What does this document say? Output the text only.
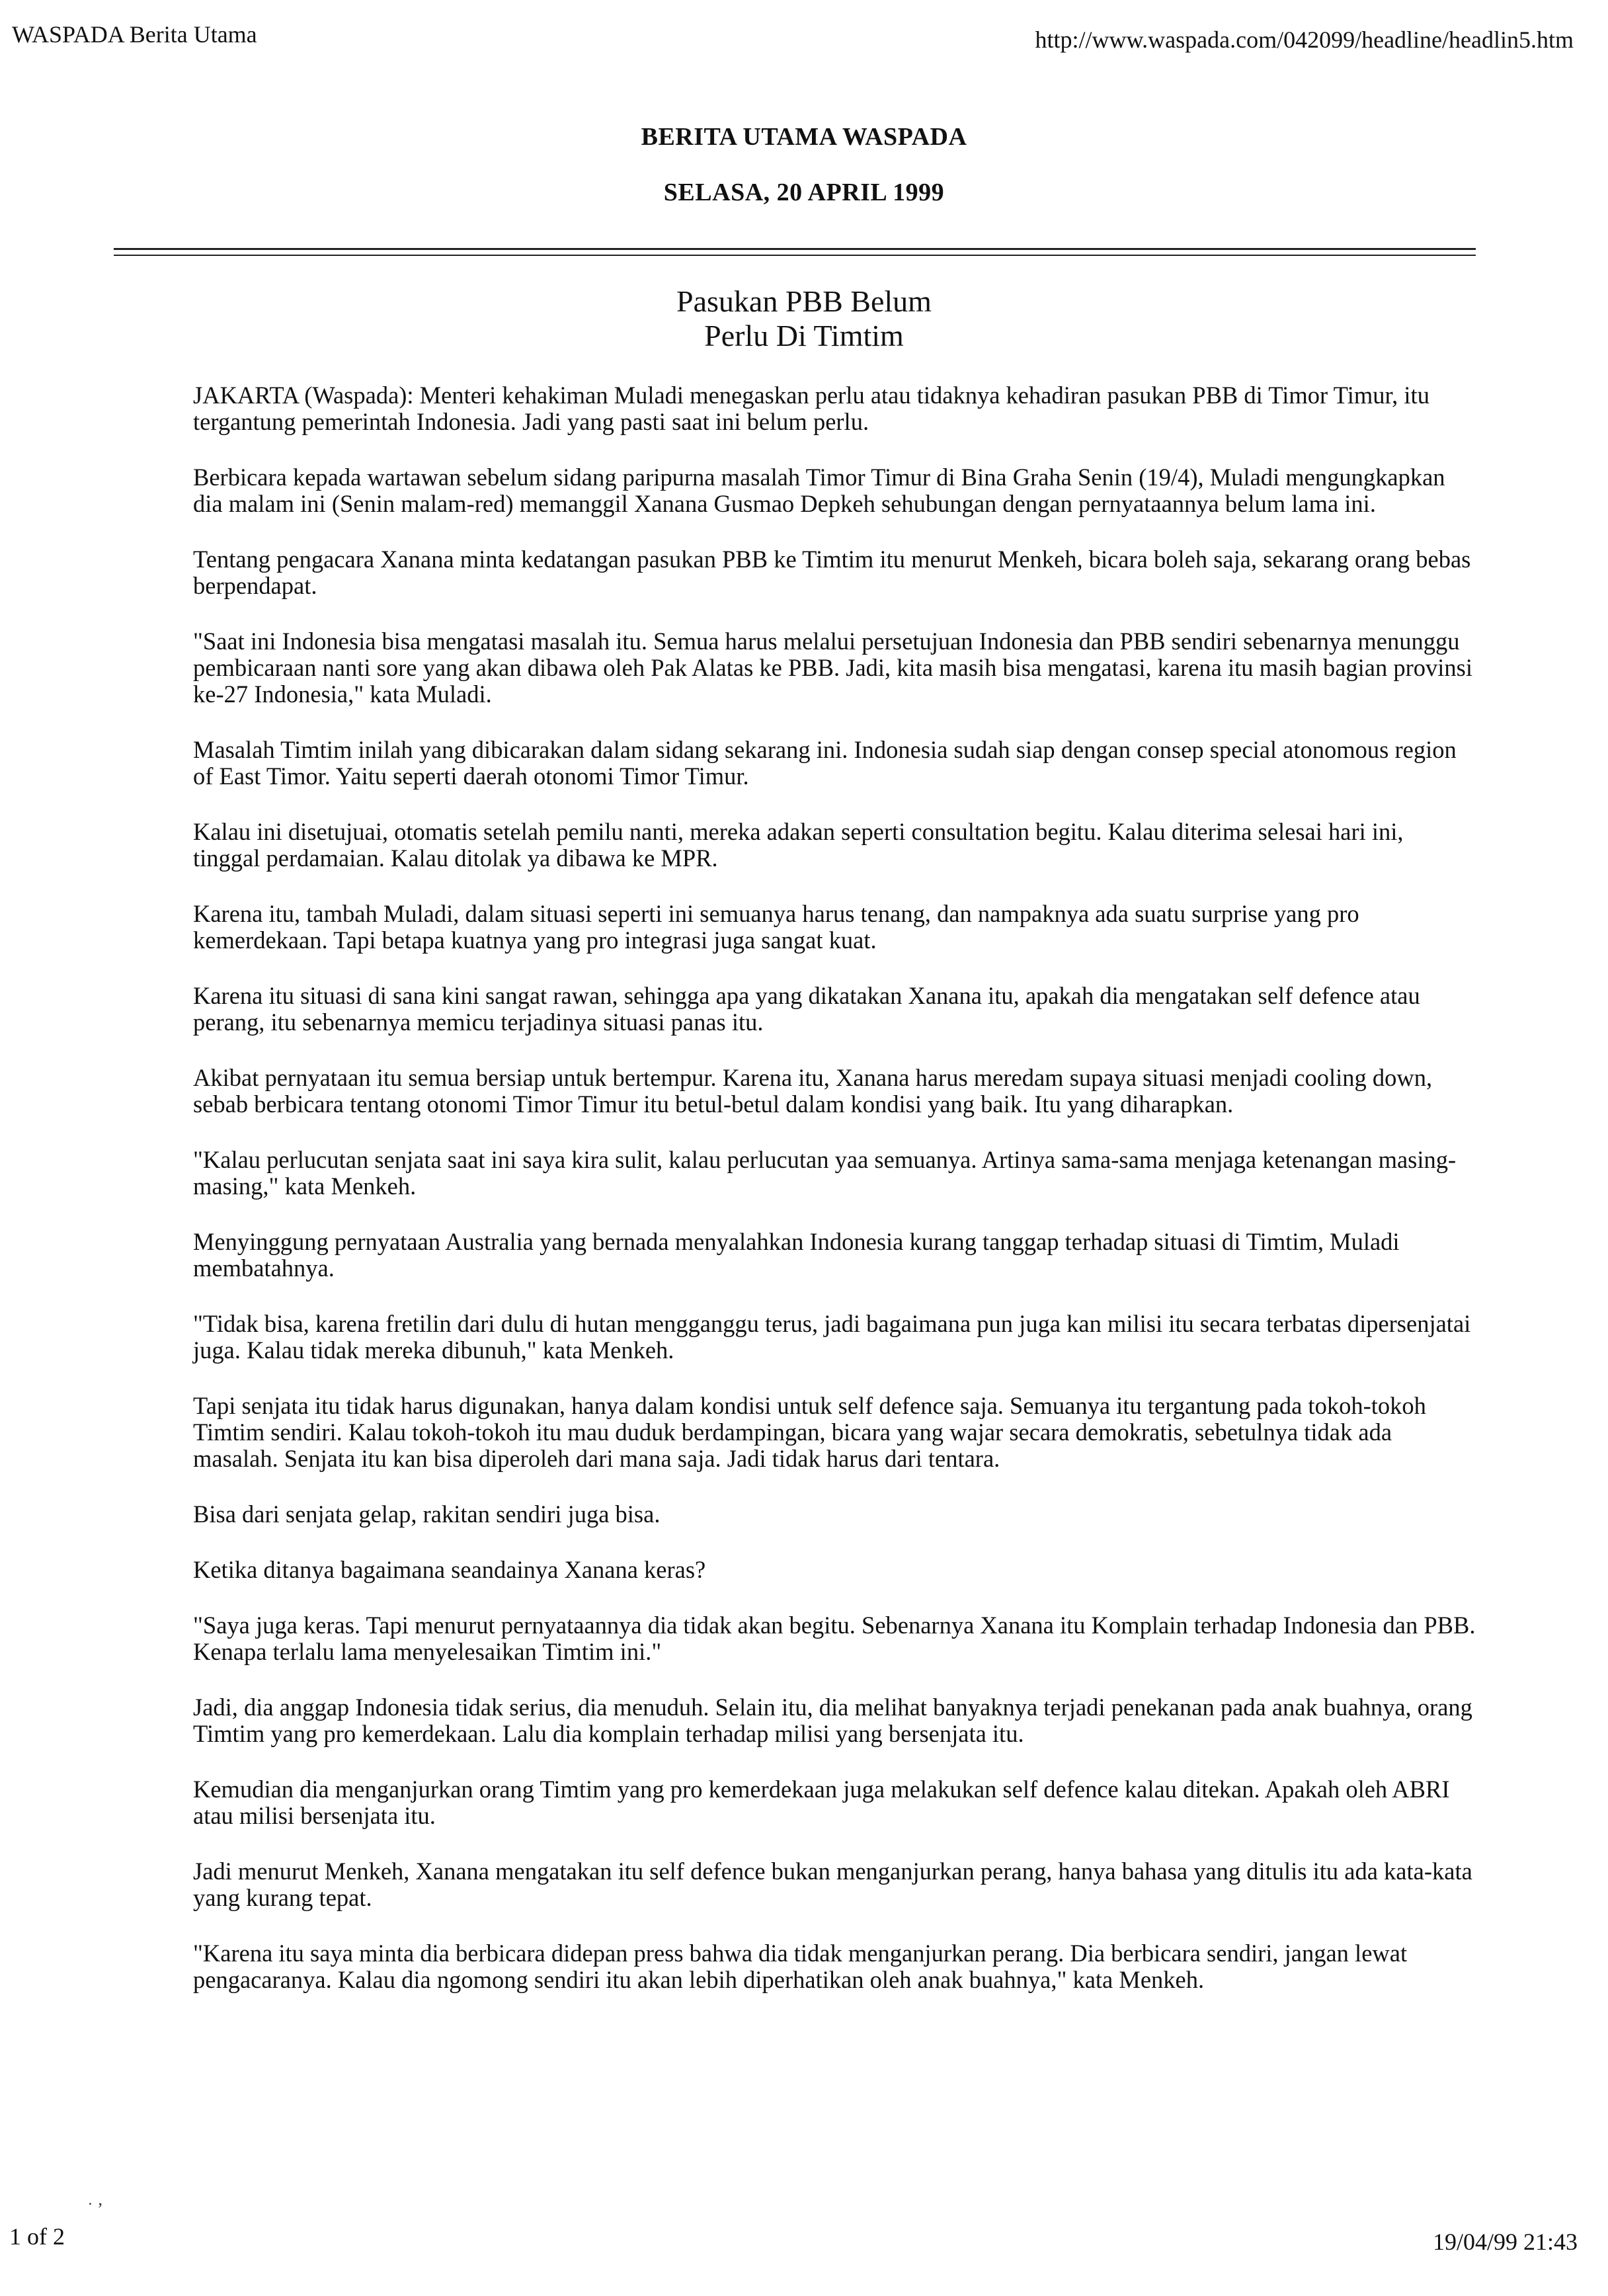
WASPADA Berita Utama	http://www.waspada.com/042099/headline/headlin5.htm
BERITA UTAMA WASPADA
SELASA, 20 APRIL 1999
Pasukan PBB Belum
Perlu Di Timtim

JAKARTA (Waspada): Menteri kehakiman Muladi menegaskan perlu atau tidaknya kehadiran pasukan PBB di Timor Timur, itu tergantung pemerintah Indonesia. Jadi yang pasti saat ini belum perlu.

Berbicara kepada wartawan sebelum sidang paripurna masalah Timor Timur di Bina Graha Senin (19/4), Muladi mengungkapkan dia malam ini (Senin malam-red) memanggil Xanana Gusmao Depkeh sehubungan dengan pernyataannya belum lama ini.

Tentang pengacara Xanana minta kedatangan pasukan PBB ke Timtim itu menurut Menkeh, bicara boleh saja, sekarang orang bebas berpendapat.

"Saat ini Indonesia bisa mengatasi masalah itu. Semua harus melalui persetujuan Indonesia dan PBB sendiri sebenarnya menunggu pembicaraan nanti sore yang akan dibawa oleh Pak Alatas ke PBB. Jadi, kita masih bisa mengatasi, karena itu masih bagian provinsi ke-27 Indonesia," kata Muladi.

Masalah Timtim inilah yang dibicarakan dalam sidang sekarang ini. Indonesia sudah siap dengan consep special atonomous region of East Timor. Yaitu seperti daerah otonomi Timor Timur.

Kalau ini disetujuai, otomatis setelah pemilu nanti, mereka adakan seperti consultation begitu. Kalau diterima selesai hari ini, tinggal perdamaian. Kalau ditolak ya dibawa ke MPR.

Karena itu, tambah Muladi, dalam situasi seperti ini semuanya harus tenang, dan nampaknya ada suatu surprise yang pro kemerdekaan. Tapi betapa kuatnya yang pro integrasi juga sangat kuat.

Karena itu situasi di sana kini sangat rawan, sehingga apa yang dikatakan Xanana itu, apakah dia mengatakan self defence atau perang, itu sebenarnya memicu terjadinya situasi panas itu.

Akibat pernyataan itu semua bersiap untuk bertempur. Karena itu, Xanana harus meredam supaya situasi menjadi cooling down, sebab berbicara tentang otonomi Timor Timur itu betul-betul dalam kondisi yang baik. Itu yang diharapkan.

"Kalau perlucutan senjata saat ini saya kira sulit, kalau perlucutan yaa semuanya. Artinya sama-sama menjaga ketenangan masing-masing," kata Menkeh.

Menyinggung pernyataan Australia yang bernada menyalahkan Indonesia kurang tanggap terhadap situasi di Timtim, Muladi membatahnya.

"Tidak bisa, karena fretilin dari dulu di hutan mengganggu terus, jadi bagaimana pun juga kan milisi itu secara terbatas dipersenjatai juga. Kalau tidak mereka dibunuh," kata Menkeh.

Tapi senjata itu tidak harus digunakan, hanya dalam kondisi untuk self defence saja. Semuanya itu tergantung pada tokoh-tokoh Timtim sendiri. Kalau tokoh-tokoh itu mau duduk berdampingan, bicara yang wajar secara demokratis, sebetulnya tidak ada masalah. Senjata itu kan bisa diperoleh dari mana saja. Jadi tidak harus dari tentara.

Bisa dari senjata gelap, rakitan sendiri juga bisa.

Ketika ditanya bagaimana seandainya Xanana keras?

"Saya juga keras. Tapi menurut pernyataannya dia tidak akan begitu. Sebenarnya Xanana itu Komplain terhadap Indonesia dan PBB. Kenapa terlalu lama menyelesaikan Timtim ini."

Jadi, dia anggap Indonesia tidak serius, dia menuduh. Selain itu, dia melihat banyaknya terjadi penekanan pada anak buahnya, orang Timtim yang pro kemerdekaan. Lalu dia komplain terhadap milisi yang bersenjata itu.

Kemudian dia menganjurkan orang Timtim yang pro kemerdekaan juga melakukan self defence kalau ditekan. Apakah oleh ABRI atau milisi bersenjata itu.

Jadi menurut Menkeh, Xanana mengatakan itu self defence bukan menganjurkan perang, hanya bahasa yang ditulis itu ada kata-kata yang kurang tepat.

"Karena itu saya minta dia berbicara didepan press bahwa dia tidak menganjurkan perang. Dia berbicara sendiri, jangan lewat pengacaranya. Kalau dia ngomong sendiri itu akan lebih diperhatikan oleh anak buahnya," kata Menkeh.

˙ ’
1 of 2	19/04/99 21:43
